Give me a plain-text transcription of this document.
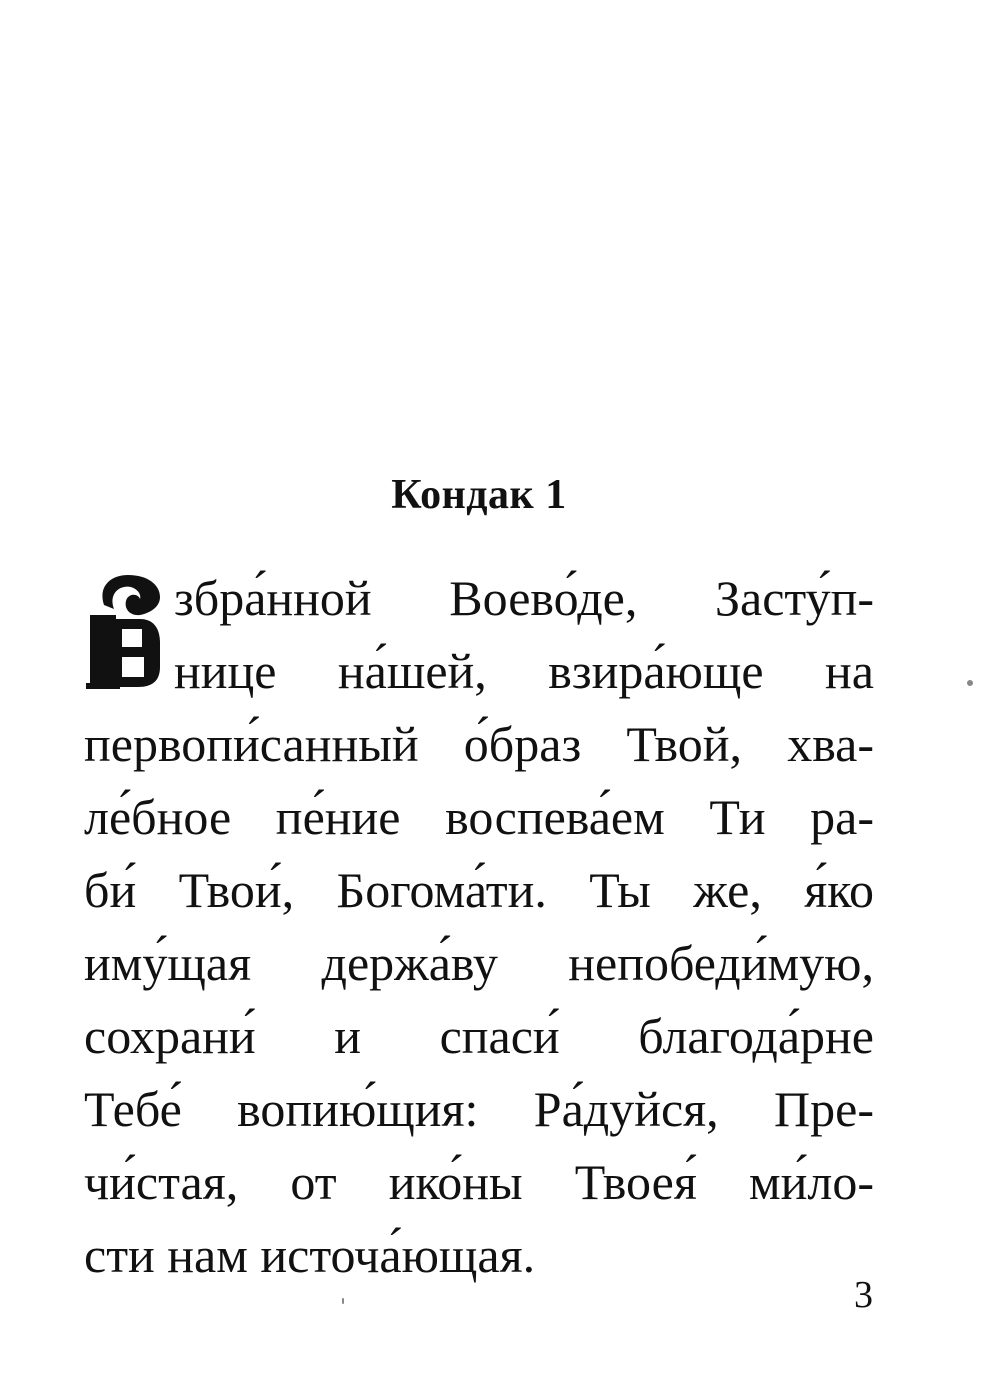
Кондак 1
збра́нной Воево́де, Засту́п-
нице на́шей, взира́юще на
первопи́санный о́браз Твой, хва-
ле́бное пе́ние воспева́ем Ти ра-
би́ Твои́, Богома́ти. Ты же, я́ко
иму́щая держа́ву непобеди́мую,
сохрани́ и спаси́ благода́рне
Тебе́ вопию́щия: Ра́дуйся, Пре-
чи́стая, от ико́ны Твоея́ ми́ло-
сти нам источа́ющая.
3
